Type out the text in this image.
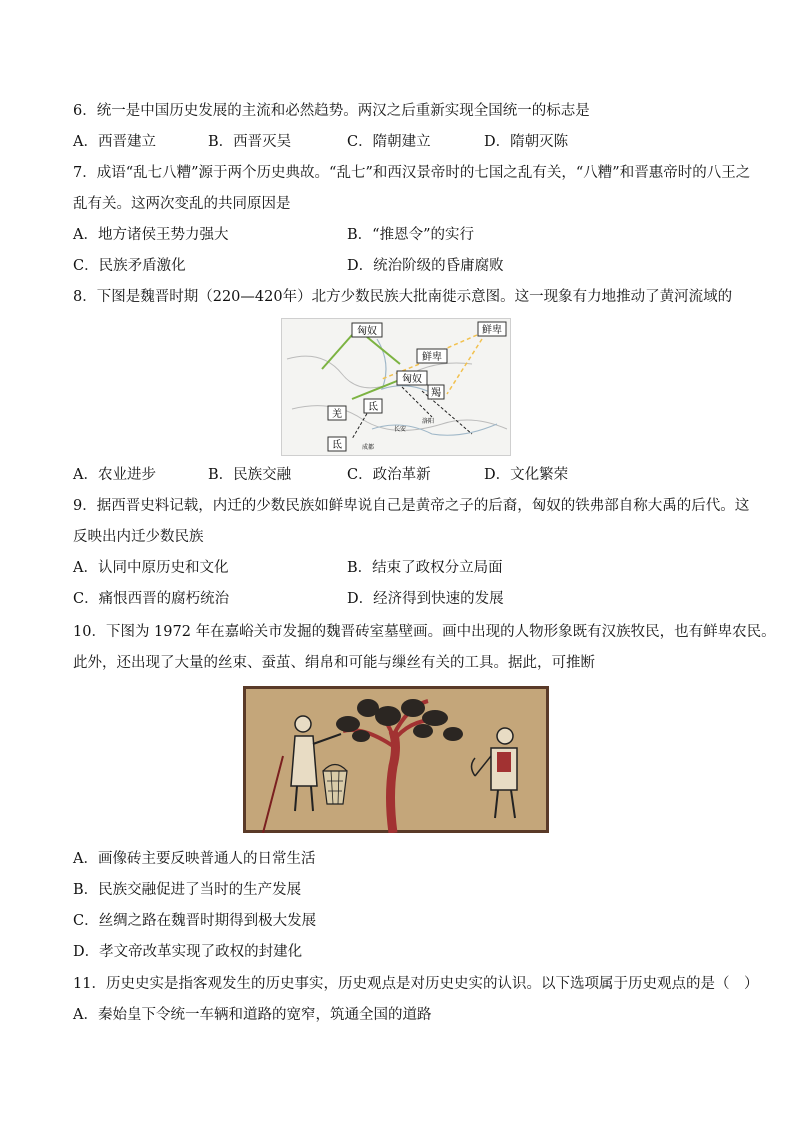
6．统一是中国历史发展的主流和必然趋势。两汉之后重新实现全国统一的标志是
A．西晋建立	B．西晋灭吴	C．隋朝建立	D．隋朝灭陈
7．成语“乱七八糟”源于两个历史典故。“乱七”和西汉景帝时的七国之乱有关，“八糟”和晋惠帝时的八王之
乱有关。这两次变乱的共同原因是
A．地方诸侯王势力强大	B．“推恩令”的实行
C．民族矛盾激化	D．统治阶级的昏庸腐败
8．下图是魏晋时期（220—420年）北方少数民族大批南徙示意图。这一现象有力地推动了黄河流域的
匈奴	鲜卑
鲜卑
匈奴
羯
羌
氐
氐	成都
长安
洛阳
A．农业进步	B．民族交融	C．政治革新	D．文化繁荣
9．据西晋史料记载，内迁的少数民族如鲜卑说自己是黄帝之子的后裔，匈奴的铁弗部自称大禹的后代。这
反映出内迁少数民族
A．认同中原历史和文化	B．结束了政权分立局面
C．痛恨西晋的腐朽统治	D．经济得到快速的发展
10．下图为 1972 年在嘉峪关市发掘的魏晋砖室墓壁画。画中出现的人物形象既有汉族牧民，也有鲜卑农民。
此外，还出现了大量的丝束、蚕茧、绢帛和可能与缫丝有关的工具。据此，可推断
A．画像砖主要反映普通人的日常生活
B．民族交融促进了当时的生产发展
C．丝绸之路在魏晋时期得到极大发展
D．孝文帝改革实现了政权的封建化
11．历史史实是指客观发生的历史事实，历史观点是对历史史实的认识。以下选项属于历史观点的是（　）
A．秦始皇下令统一车辆和道路的宽窄，筑通全国的道路
